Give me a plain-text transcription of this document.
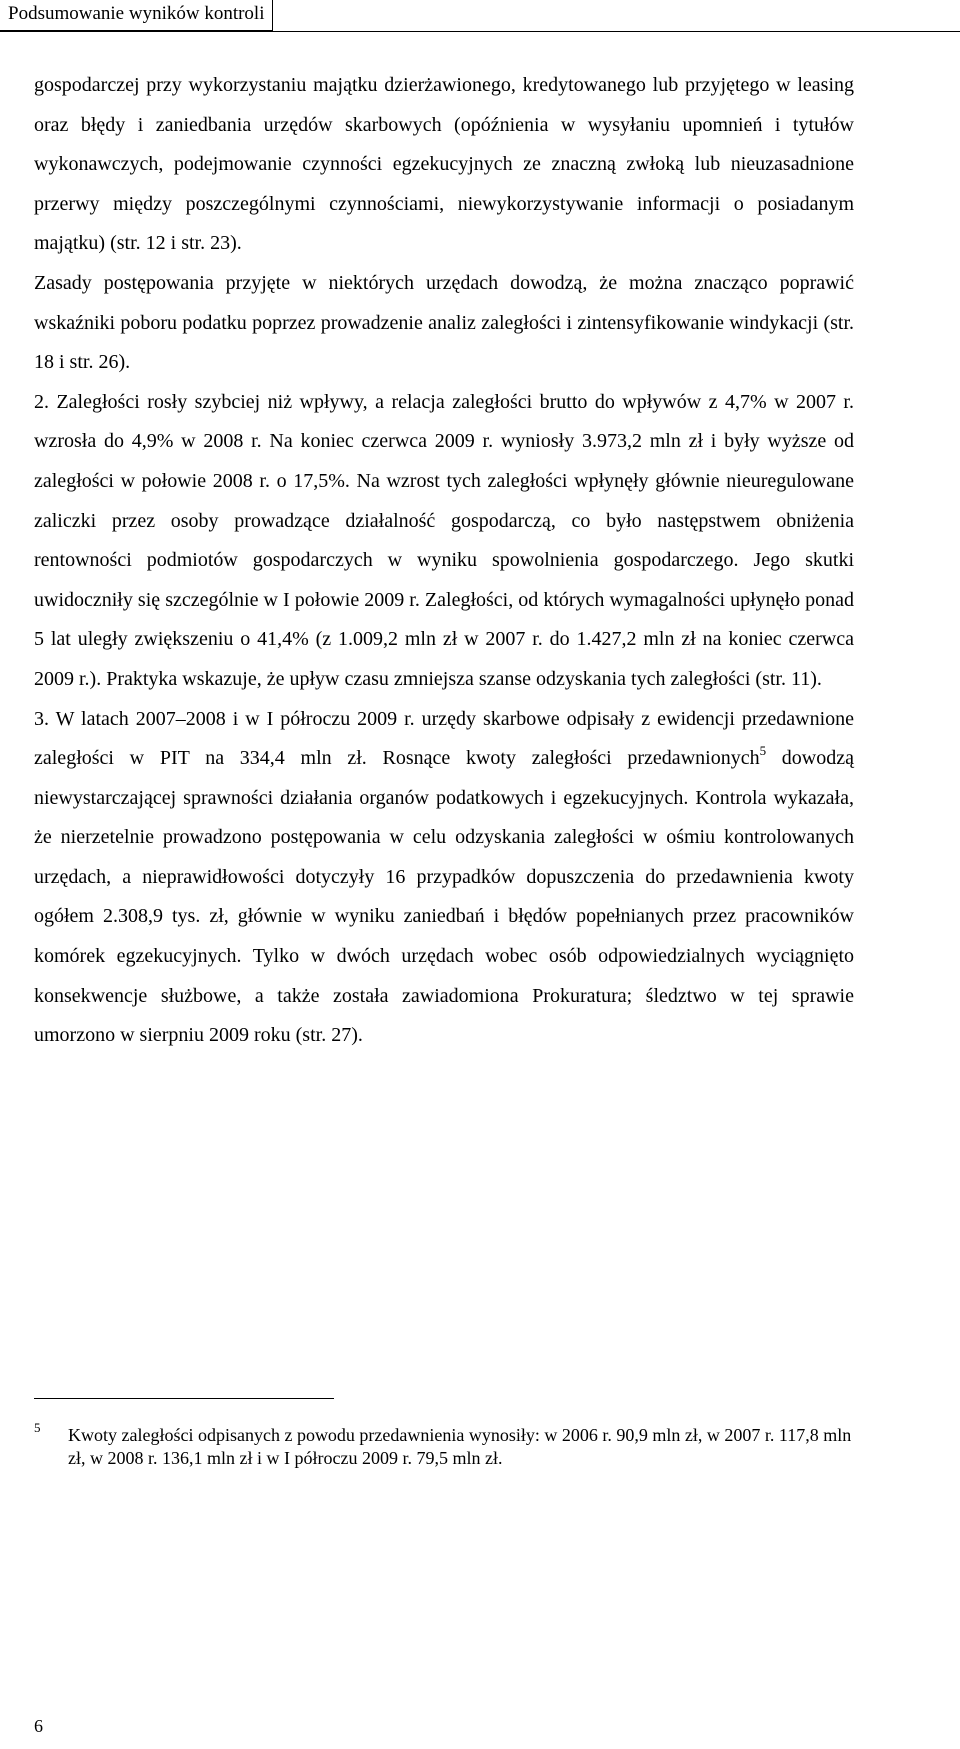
Podsumowanie wyników kontroli

gospodarczej przy wykorzystaniu majątku dzierżawionego, kredytowanego lub przyjętego w leasing oraz błędy i zaniedbania urzędów skarbowych (opóźnienia w wysyłaniu upomnień i tytułów wykonawczych, podejmowanie czynności egzekucyjnych ze znaczną zwłoką lub nieuzasadnione przerwy między poszczególnymi czynnościami, niewykorzystywanie informacji o posiadanym majątku) (str. 12 i str. 23).

Zasady postępowania przyjęte w niektórych urzędach dowodzą, że można znacząco poprawić wskaźniki poboru podatku poprzez prowadzenie analiz zaległości i zintensyfikowanie windykacji (str. 18 i str. 26).

2. Zaległości rosły szybciej niż wpływy, a relacja zaległości brutto do wpływów z 4,7% w 2007 r. wzrosła do 4,9% w 2008 r. Na koniec czerwca 2009 r. wyniosły 3.973,2 mln zł i były wyższe od zaległości w połowie 2008 r. o 17,5%. Na wzrost tych zaległości wpłynęły głównie nieuregulowane zaliczki przez osoby prowadzące działalność gospodarczą, co było następstwem obniżenia rentowności podmiotów gospodarczych w wyniku spowolnienia gospodarczego. Jego skutki uwidoczniły się szczególnie w I połowie 2009 r. Zaległości, od których wymagalności upłynęło ponad 5 lat uległy zwiększeniu o 41,4% (z 1.009,2 mln zł w 2007 r. do 1.427,2 mln zł na koniec czerwca 2009 r.). Praktyka wskazuje, że upływ czasu zmniejsza szanse odzyskania tych zaległości (str. 11).

3. W latach 2007–2008 i w I półroczu 2009 r. urzędy skarbowe odpisały z ewidencji przedawnione zaległości w PIT na 334,4 mln zł. Rosnące kwoty zaległości przedawnionych$^5$ dowodzą niewystarczającej sprawności działania organów podatkowych i egzekucyjnych. Kontrola wykazała, że nierzetelnie prowadzono postępowania w celu odzyskania zaległości w ośmiu kontrolowanych urzędach, a nieprawidłowości dotyczyły 16 przypadków dopuszczenia do przedawnienia kwoty ogółem 2.308,9 tys. zł, głównie w wyniku zaniedbań i błędów popełnianych przez pracowników komórek egzekucyjnych. Tylko w dwóch urzędach wobec osób odpowiedzialnych wyciągnięto konsekwencje służbowe, a także została zawiadomiona Prokuratura; śledztwo w tej sprawie umorzono w sierpniu 2009 roku (str. 27).

5	Kwoty zaległości odpisanych z powodu przedawnienia wynosiły: w 2006 r. 90,9 mln zł, w 2007 r. 117,8 mln zł, w 2008 r. 136,1 mln zł i w I półroczu 2009 r. 79,5 mln zł.
6
